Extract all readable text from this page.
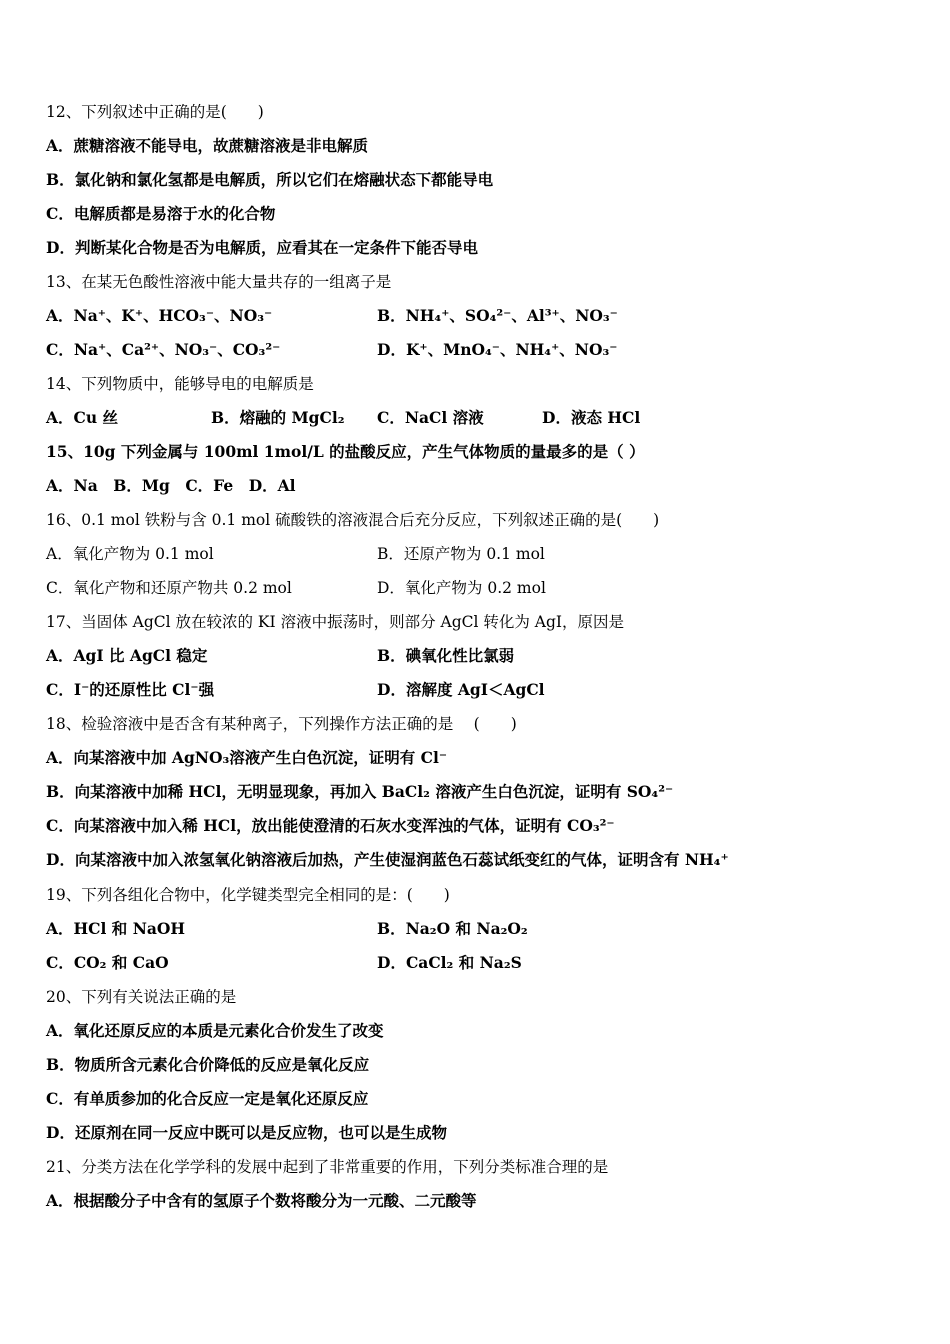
12、下列叙述中正确的是(　　)
A．蔗糖溶液不能导电，故蔗糖溶液是非电解质
B．氯化钠和氯化氢都是电解质，所以它们在熔融状态下都能导电
C．电解质都是易溶于水的化合物
D．判断某化合物是否为电解质，应看其在一定条件下能否导电
13、在某无色酸性溶液中能大量共存的一组离子是
A．Na⁺、K⁺、HCO₃⁻、NO₃⁻	B．NH₄⁺、SO₄²⁻、Al³⁺、NO₃⁻
C．Na⁺、Ca²⁺、NO₃⁻、CO₃²⁻	D．K⁺、MnO₄⁻、NH₄⁺、NO₃⁻
14、下列物质中，能够导电的电解质是
A．Cu 丝	B．熔融的 MgCl₂ C．NaCl 溶液	D．液态 HCl
15、10g 下列金属与 100ml 1mol/L 的盐酸反应，产生气体物质的量最多的是（ ）
A．Na　B．Mg　C．Fe　D．Al
16、0.1 mol 铁粉与含 0.1 mol 硫酸铁的溶液混合后充分反应，下列叙述正确的是(　　)
A．氧化产物为 0.1 mol	B．还原产物为 0.1 mol
C．氧化产物和还原产物共 0.2 mol	D．氧化产物为 0.2 mol
17、当固体 AgCl 放在较浓的 KI 溶液中振荡时，则部分 AgCl 转化为 AgI，原因是
A．AgI 比 AgCl 稳定	B．碘氧化性比氯弱
C．I⁻的还原性比 Cl⁻强	D．溶解度 AgI＜AgCl
18、检验溶液中是否含有某种离子，下列操作方法正确的是　 (　　)
A．向某溶液中加 AgNO₃溶液产生白色沉淀，证明有 Cl⁻
B．向某溶液中加稀 HCl，无明显现象，再加入 BaCl₂ 溶液产生白色沉淀，证明有 SO₄²⁻
C．向某溶液中加入稀 HCl，放出能使澄清的石灰水变浑浊的气体，证明有 CO₃²⁻
D．向某溶液中加入浓氢氧化钠溶液后加热，产生使湿润蓝色石蕊试纸变红的气体，证明含有 NH₄⁺
19、下列各组化合物中，化学键类型完全相同的是：(　　)
A．HCl 和 NaOH	B．Na₂O 和 Na₂O₂
C．CO₂ 和 CaO	D．CaCl₂ 和 Na₂S
20、下列有关说法正确的是
A．氧化还原反应的本质是元素化合价发生了改变
B．物质所含元素化合价降低的反应是氧化反应
C．有单质参加的化合反应一定是氧化还原反应
D．还原剂在同一反应中既可以是反应物，也可以是生成物
21、分类方法在化学学科的发展中起到了非常重要的作用，下列分类标准合理的是
A．根据酸分子中含有的氢原子个数将酸分为一元酸、二元酸等
